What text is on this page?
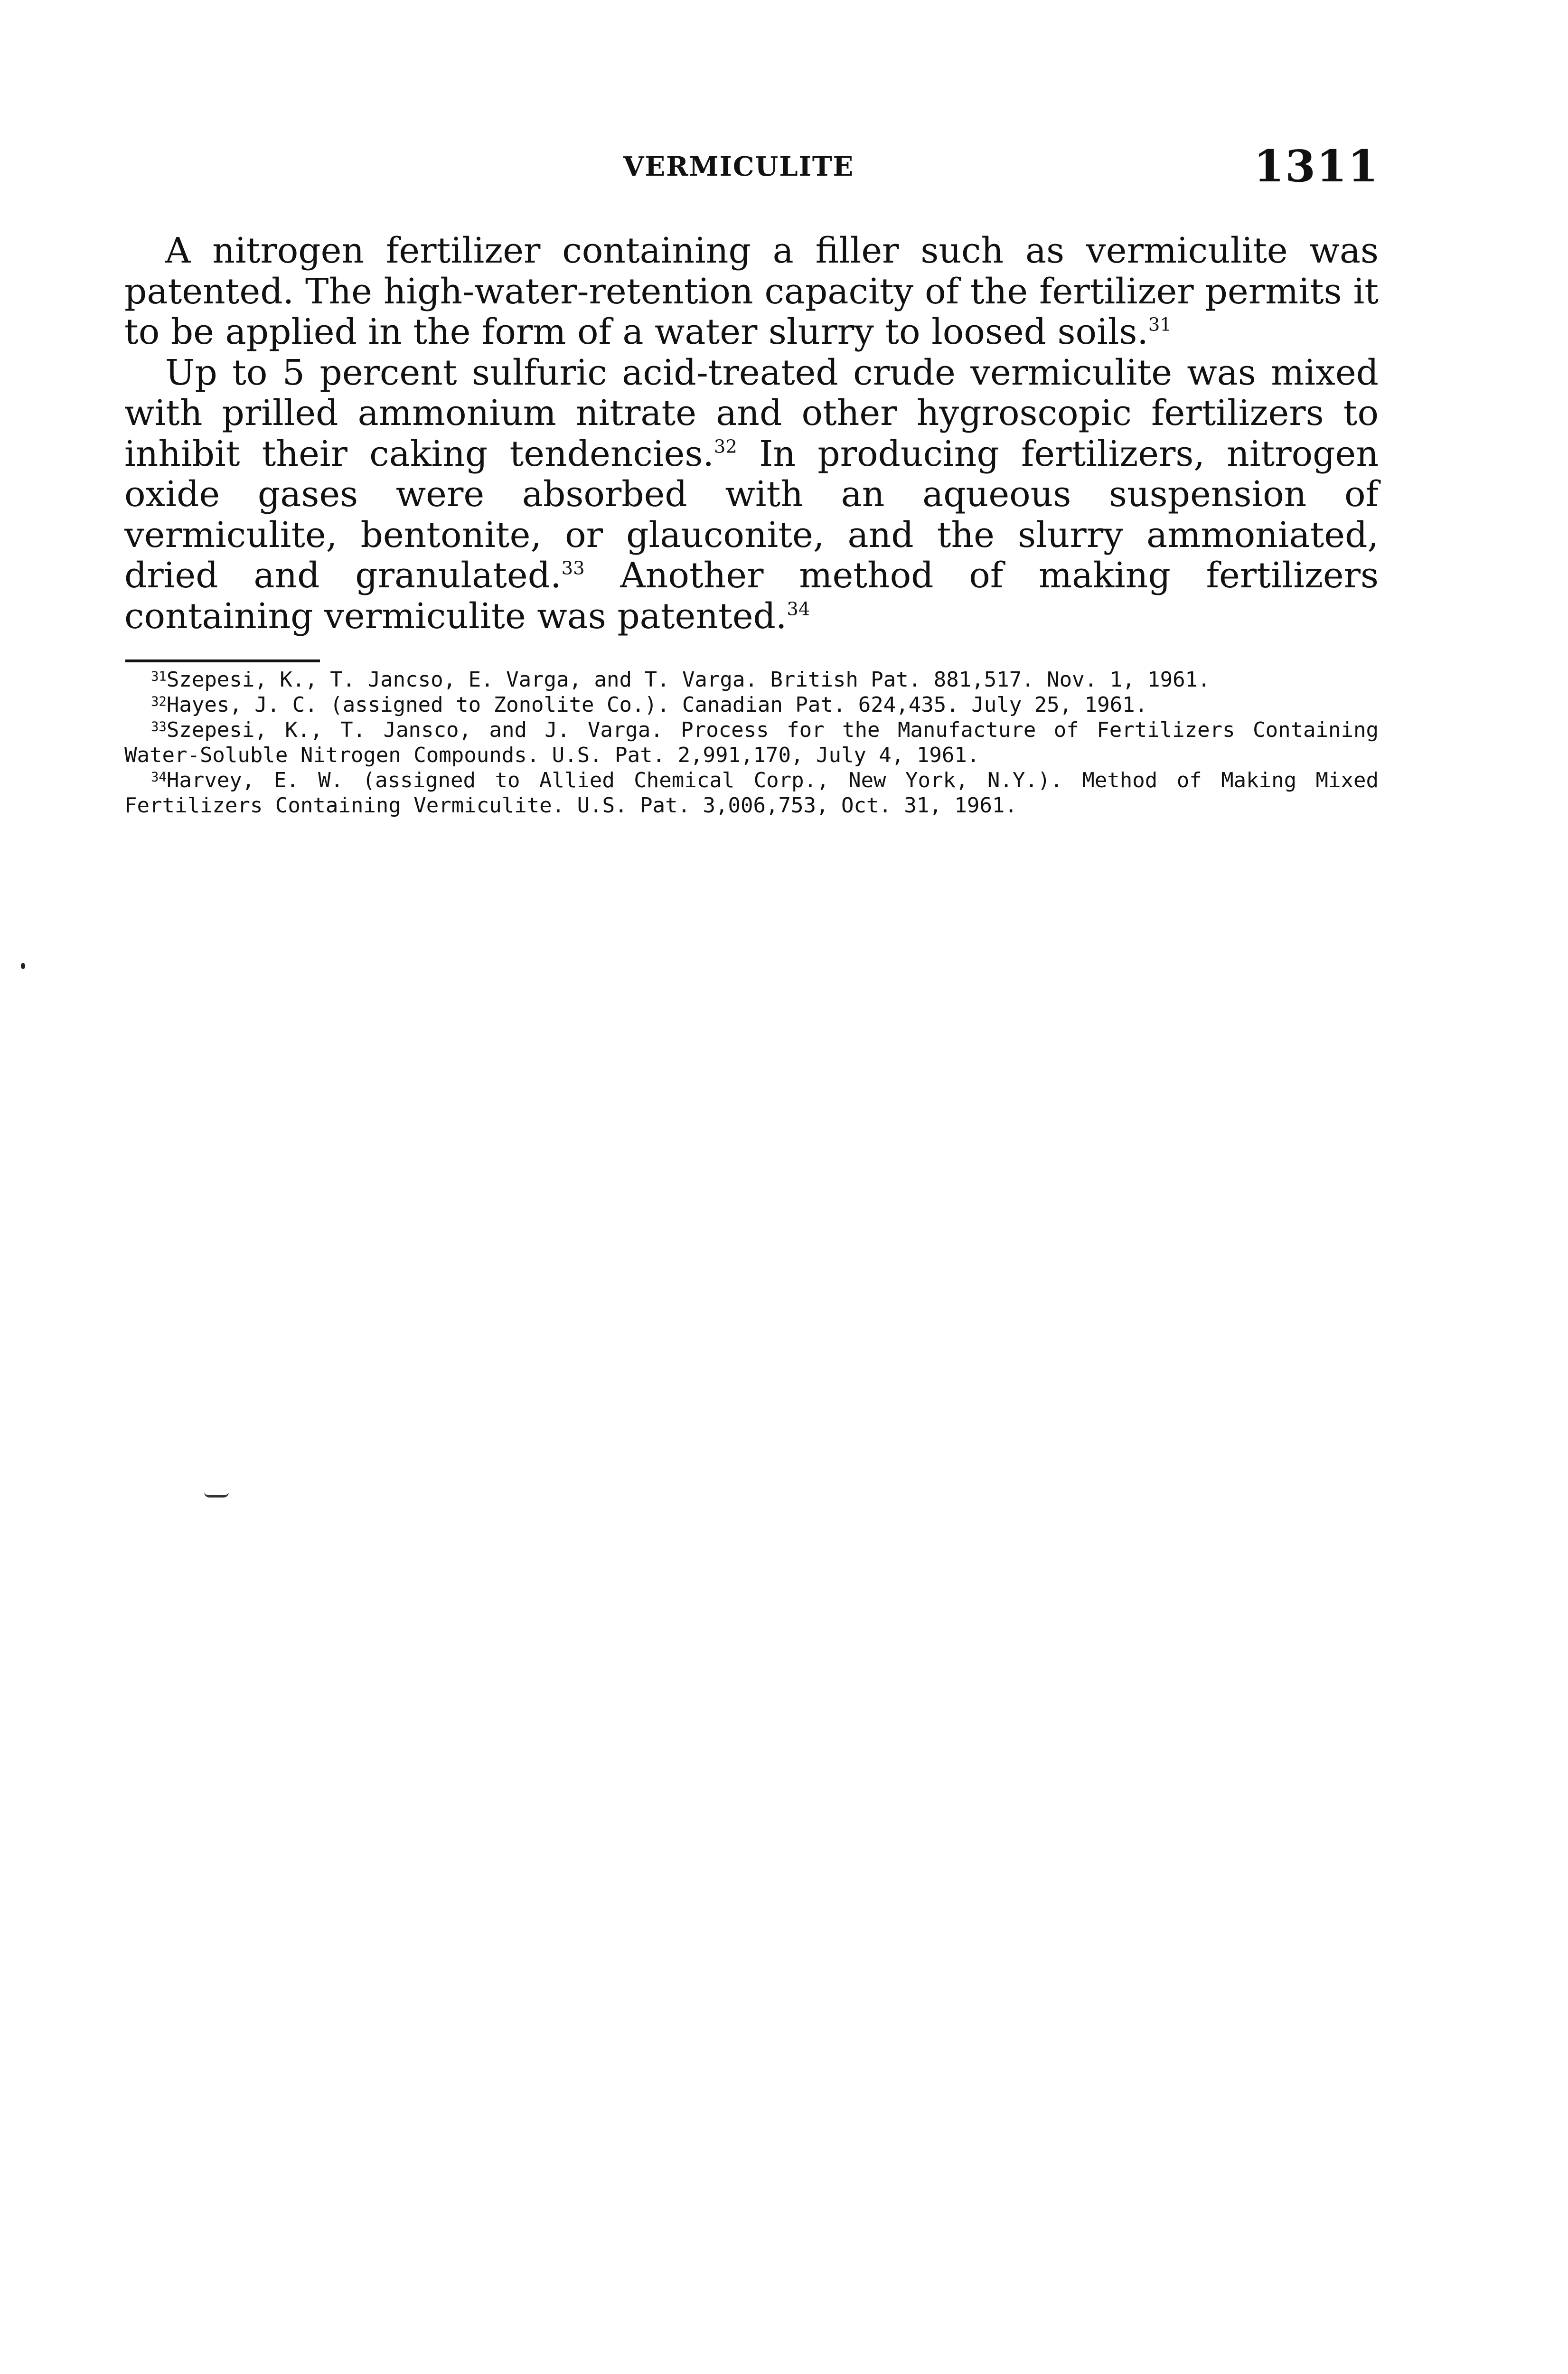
VERMICULITE	1311

A nitrogen fertilizer containing a filler such as vermiculite was patented. The high-water-retention capacity of the fertilizer permits it to be applied in the form of a water slurry to loosed soils.$^{31}$

Up to 5 percent sulfuric acid-treated crude vermiculite was mixed with prilled ammonium nitrate and other hygroscopic fertilizers to inhibit their caking tendencies.$^{32}$ In producing fertilizers, nitrogen oxide gases were absorbed with an aqueous suspension of vermiculite, bentonite, or glauconite, and the slurry ammoniated, dried and granulated.$^{33}$ Another method of making fertilizers containing vermiculite was patented.$^{34}$

$^{31}$Szepesi, K., T. Jancso, E. Varga, and T. Varga. British Pat. 881,517. Nov. 1, 1961.

$^{32}$Hayes, J. C. (assigned to Zonolite Co.). Canadian Pat. 624,435. July 25, 1961.

$^{33}$Szepesi, K., T. Jansco, and J. Varga. Process for the Manufacture of Fertilizers Containing Water-Soluble Nitrogen Compounds. U.S. Pat. 2,991,170, July 4, 1961.

$^{34}$Harvey, E. W. (assigned to Allied Chemical Corp., New York, N.Y.). Method of Making Mixed Fertilizers Containing Vermiculite. U.S. Pat. 3,006,753, Oct. 31, 1961.
